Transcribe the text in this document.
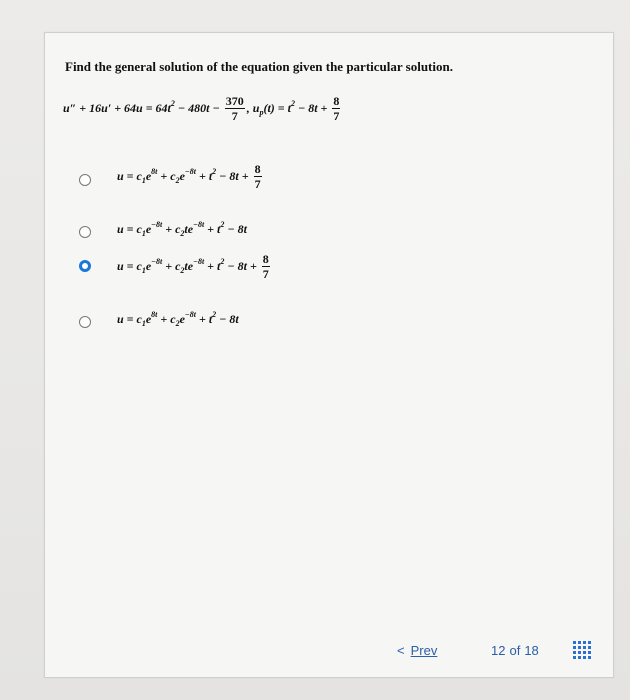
Find the general solution of the equation given the particular solution.
$u'' + 16u' + 64u = 64t^2 - 480t - \frac{370}{7}$ , $u_p(t) = t^2 - 8t + \frac{8}{7}$
$u = c_1e^{8t} + c_2e^{-8t} + t^2 - 8t + \frac{8}{7}$
$u = c_1e^{-8t} + c_2te^{-8t} + t^2 - 8t$
$u = c_1e^{-8t} + c_2te^{-8t} + t^2 - 8t + \frac{8}{7}$
$u = c_1e^{8t} + c_2e^{-8t} + t^2 - 8t$
< Prev	12 of 18
